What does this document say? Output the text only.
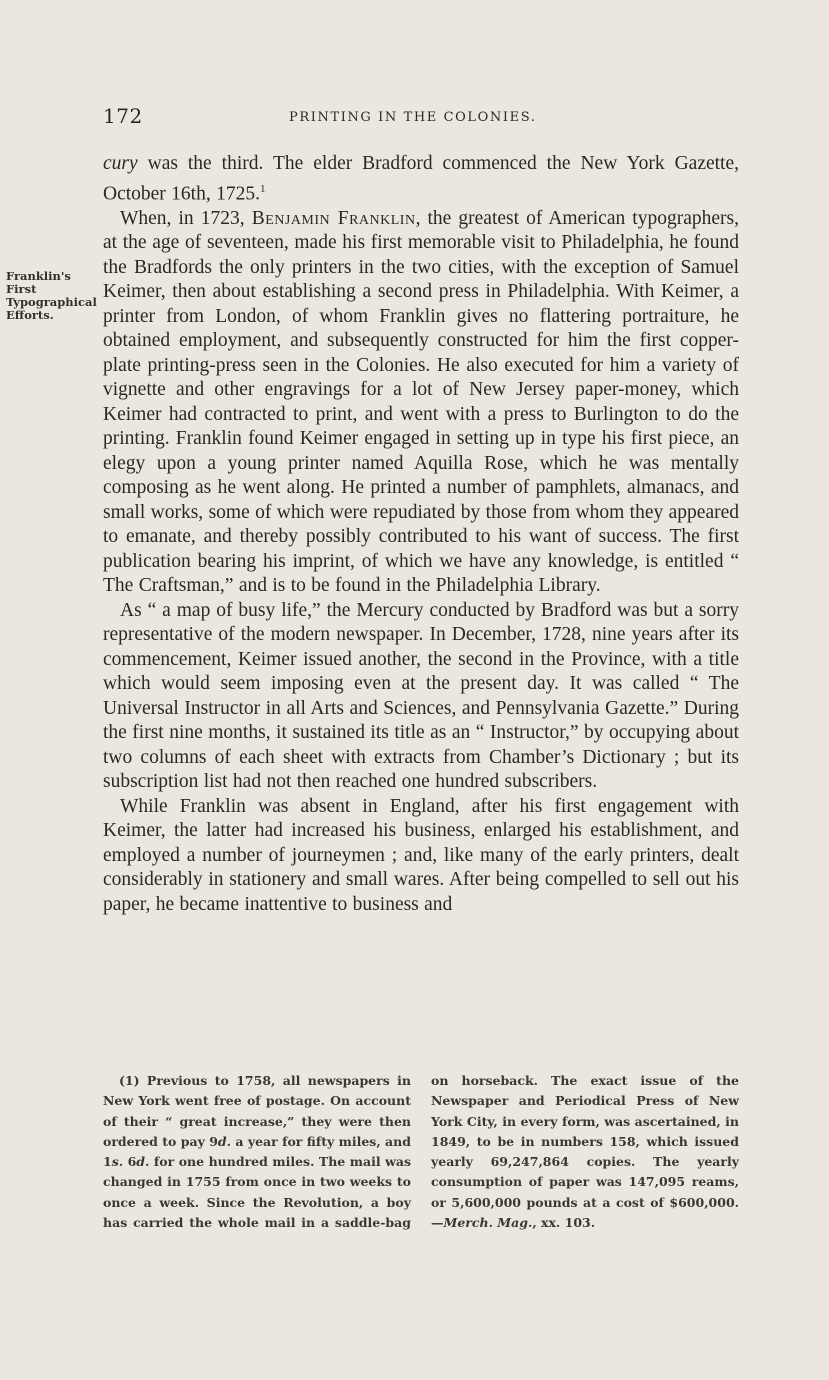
172	PRINTING IN THE COLONIES.

cury was the third. The elder Bradford commenced the New York Gazette, October 16th, 1725.$^1$

When, in 1723, Benjamin Franklin, the greatest of American typographers, at the age of seventeen, made his first memorable visit to Philadelphia, he found the Bradfords the only printers in the two cities, with the exception of Samuel Keimer, then about establishing a second press in Philadelphia. With Keimer, a printer from London, of whom Franklin gives no flattering portraiture, he obtained employment, and subsequently constructed for him the first copper-plate printing-press seen in the Colonies. He also executed for him a variety of vignette and other engravings for a lot of New Jersey paper-money, which Keimer had contracted to print, and went with a press to Burlington to do the printing. Franklin found Keimer engaged in setting up in type his first piece, an elegy upon a young printer named Aquilla Rose, which he was mentally composing as he went along. He printed a number of pamphlets, almanacs, and small works, some of which were repudiated by those from whom they appeared to emanate, and thereby possibly contributed to his want of success. The first publication bearing his imprint, of which we have any knowledge, is entitled “ The Craftsman,” and is to be found in the Philadelphia Library.

As “ a map of busy life,” the Mercury conducted by Bradford was but a sorry representative of the modern newspaper. In December, 1728, nine years after its commencement, Keimer issued another, the second in the Province, with a title which would seem imposing even at the present day. It was called “ The Universal Instructor in all Arts and Sciences, and Pennsylvania Gazette.” During the first nine months, it sustained its title as an “ Instructor,” by occupying about two columns of each sheet with extracts from Chamber’s Dictionary ; but its subscription list had not then reached one hundred subscribers.

While Franklin was absent in England, after his first engagement with Keimer, the latter had increased his business, enlarged his establishment, and employed a number of journeymen ; and, like many of the early printers, dealt considerably in stationery and small wares. After being compelled to sell out his paper, he became inattentive to business and

Franklin's First Typographical Efforts.

(1) Previous to 1758, all newspapers in New York went free of postage. On account of their “ great increase,” they were then ordered to pay 9d. a year for fifty miles, and 1s. 6d. for one hundred miles. The mail was changed in 1755 from once in two weeks to once a week. Since the Revolution, a boy has carried the whole mail in a saddle-bag on horseback. The exact issue of the Newspaper and Periodical Press of New York City, in every form, was ascertained, in 1849, to be in numbers 158, which issued yearly 69,247,864 copies. The yearly consumption of paper was 147,095 reams, or 5,600,000 pounds at a cost of $600,000.—Merch. Mag., xx. 103.
